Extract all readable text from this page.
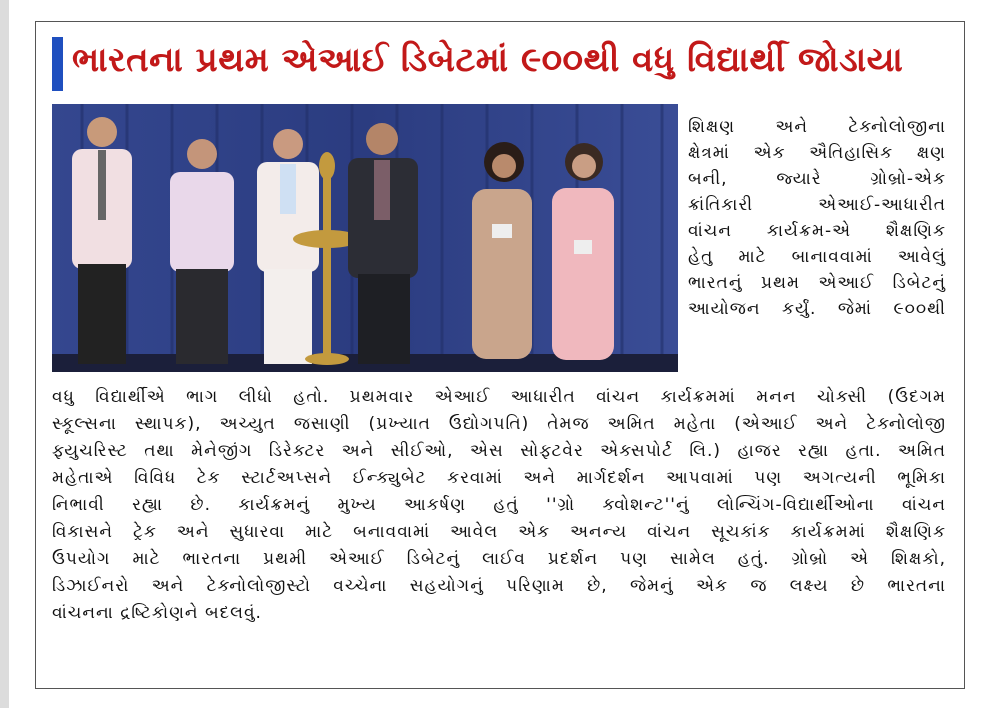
ભારતના પ્રથમ એઆઈ ડિબેટમાં ૯૦૦થી વધુ વિદ્યાર્થી જોડાયા

શિક્ષણ અને ટેક્નોલોજીના

ક્ષેત્રમાં એક ઐતિહાસિક ક્ષણ

બની, જ્યારે ગ્રોબ્રો-એક

ક્રાંતિકારી એઆઈ-આધારીત

વાંચન કાર્યક્રમ-એ શૈક્ષણિક

હેતુ માટે બાનાવવામાં આવેલું

ભારતનું પ્રથમ એઆઈ ડિબેટનું

આયોજન કર્યું. જેમાં ૯૦૦થી

વધુ વિદ્યાર્થીએ ભાગ લીધો હતો. પ્રથમવાર એઆઈ આધારીત વાંચન કાર્યક્રમમાં મનન ચોક્સી (ઉદગમ

સ્કૂલ્સના સ્થાપક), અચ્યુત જસાણી (પ્રખ્યાત ઉદ્યોગપતિ) તેમજ અમિત મહેતા (એઆઈ અને ટેક્નોલોજી

ફ્યુચરિસ્ટ તથા મેનેજીંગ ડિરેક્ટર અને સીઈઓ, એસ સોફ્ટવેર એક્સપોર્ટ લિ.) હાજર રહ્યા હતા. અમિત

મહેતાએ વિવિધ ટેક સ્ટાર્ટઅપ્સને ઈન્ક્યુબેટ કરવામાં અને માર્ગદર્શન આપવામાં પણ અગત્યની ભૂમિકા

નિભાવી રહ્યા છે. કાર્યક્રમનું મુખ્ય આકર્ષણ હતું ''ગ્રો ક્વોશન્ટ''નું લોન્ચિંગ-વિદ્યાર્થીઓના વાંચન

વિકાસને ટ્રેક અને સુધારવા માટે બનાવવામાં આવેલ એક અનન્ય વાંચન સૂચકાંક કાર્યક્રમમાં શૈક્ષણિક

ઉપયોગ માટે ભારતના પ્રથમી એઆઈ ડિબેટનું લાઈવ પ્રદર્શન પણ સામેલ હતું. ગ્રોબ્રો એ શિક્ષકો,

ડિઝાઈનરો અને ટેક્નોલોજીસ્ટો વચ્ચેના સહયોગનું પરિણામ છે, જેમનું એક જ લક્ષ્ય છે ભારતના

વાંચનના દ્રષ્ટિકોણને બદલવું.
